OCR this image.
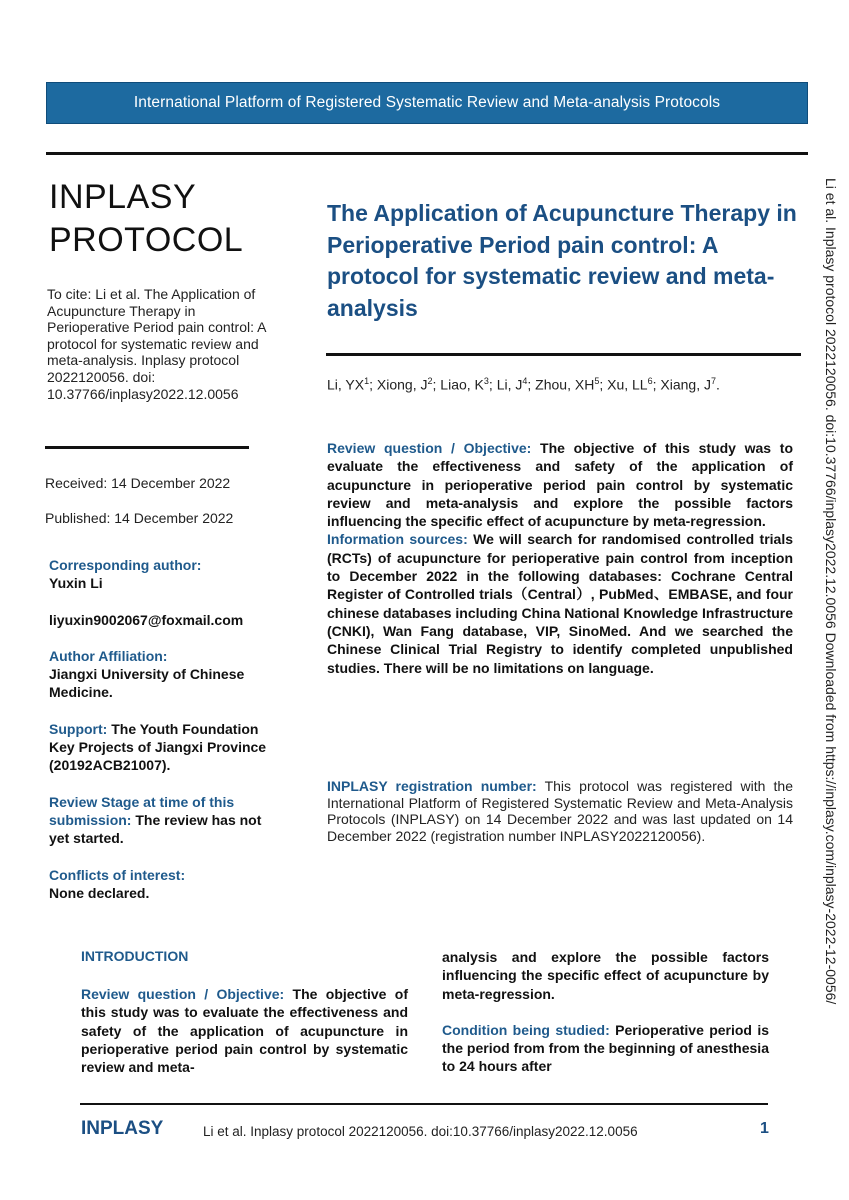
International Platform of Registered Systematic Review and Meta-analysis Protocols
INPLASY
PROTOCOL
To cite: Li et al. The Application of Acupuncture Therapy in Perioperative Period pain control: A protocol for systematic review and meta-analysis. Inplasy protocol 2022120056. doi: 10.37766/inplasy2022.12.0056
Received: 14 December 2022
Published: 14 December 2022
Corresponding author:
Yuxin Li
liyuxin9002067@foxmail.com
Author Affiliation:
Jiangxi University of Chinese Medicine.
Support: The Youth Foundation Key Projects of Jiangxi Province (20192ACB21007).
Review Stage at time of this submission: The review has not yet started.
Conflicts of interest:
None declared.
The Application of Acupuncture Therapy in Perioperative Period pain control: A protocol for systematic review and meta-analysis
Li, $YX^1$; Xiong, $J^2$; Liao, $K^3$; Li, $J^4$; Zhou, $XH^5$; Xu, $LL^6$; Xiang, $J^7$.

Review question / Objective: The objective of this study was to evaluate the effectiveness and safety of the application of acupuncture in perioperative period pain control by systematic review and meta-analysis and explore the possible factors influencing the specific effect of acupuncture by meta-regression.

Information sources: We will search for randomised controlled trials (RCTs) of acupuncture for perioperative pain control from inception to December 2022 in the following databases: Cochrane Central Register of Controlled trials（Central）, PubMed、EMBASE, and four chinese databases including China National Knowledge Infrastructure (CNKI), Wan Fang database, VIP, SinoMed. And we searched the Chinese Clinical Trial Registry to identify completed unpublished studies. There will be no limitations on language.

INPLASY registration number: This protocol was registered with the International Platform of Registered Systematic Review and Meta-Analysis Protocols (INPLASY) on 14 December 2022 and was last updated on 14 December 2022 (registration number INPLASY2022120056).
INTRODUCTION
Review question / Objective: The objective of this study was to evaluate the effectiveness and safety of the application of acupuncture in perioperative period pain control by systematic review and meta-

analysis and explore the possible factors influencing the specific effect of acupuncture by meta-regression.

Condition being studied: Perioperative period is the period from from the beginning of anesthesia to 24 hours after

INPLASY	Li et al. Inplasy protocol 2022120056. doi:10.37766/inplasy2022.12.0056	1
Li et al. Inplasy protocol 2022120056. doi:10.37766/inplasy2022.12.0056 Downloaded from https://inplasy.com/inplasy-2022-12-0056/
